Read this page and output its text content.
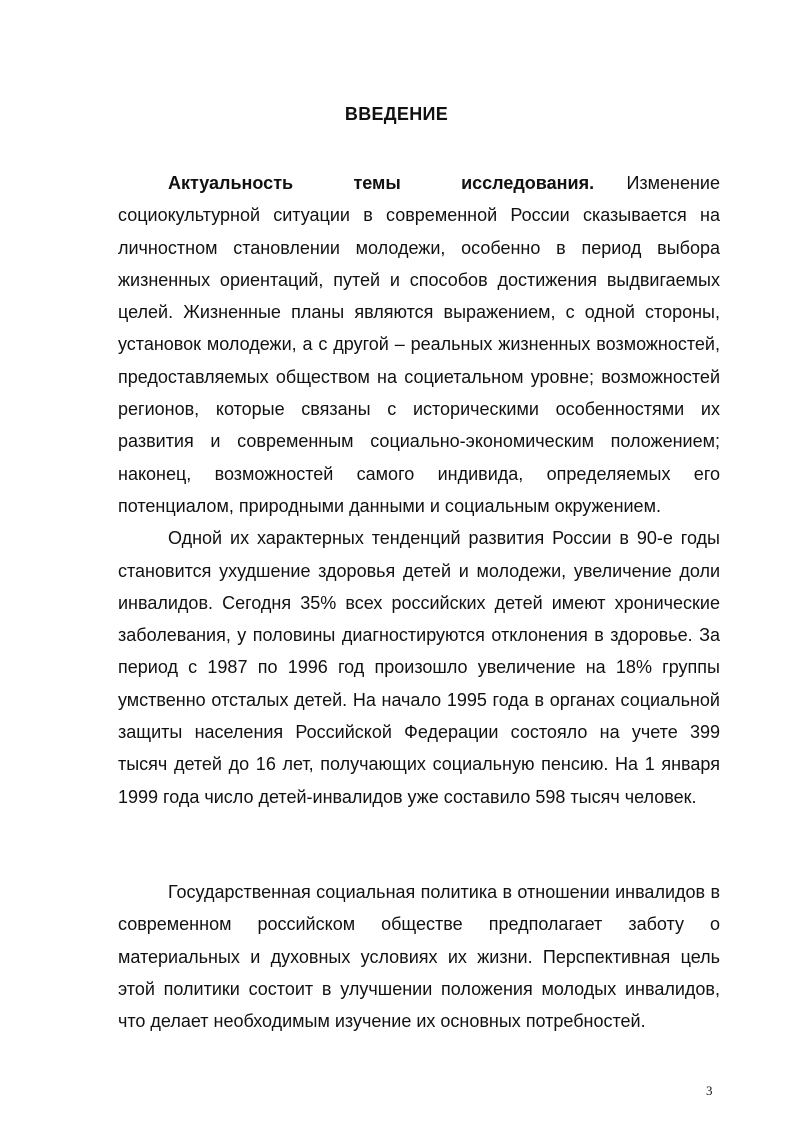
ВВЕДЕНИЕ

Актуальность темы исследования. Изменение социокультурной ситуации в современной России сказывается на личностном становлении молодежи, особенно в период выбора жизненных ориентаций, путей и способов достижения выдвигаемых целей. Жизненные планы являются выражением, с одной стороны, установок молодежи, а с другой – реальных жизненных возможностей, предоставляемых обществом на социетальном уровне; возможностей регионов, которые связаны с историческими особенностями их развития и современным социально-экономическим положением; наконец, возможностей самого индивида, определяемых его потенциалом, природными данными и социальным окружением.

Одной их характерных тенденций развития России в 90-е годы становится ухудшение здоровья детей и молодежи, увеличение доли инвалидов. Сегодня 35% всех российских детей имеют хронические заболевания, у половины диагностируются отклонения в здоровье. За период с 1987 по 1996 год произошло увеличение на 18% группы умственно отсталых детей. На начало 1995 года в органах социальной защиты населения Российской Федерации состояло на учете 399 тысяч детей до 16 лет, получающих социальную пенсию. На 1 января 1999 года число детей-инвалидов уже составило 598 тысяч человек.

Государственная социальная политика в отношении инвалидов в современном российском обществе предполагает заботу о материальных и духовных условиях их жизни. Перспективная цель этой политики состоит в улучшении положения молодых инвалидов, что делает необходимым изучение их основных потребностей.

3
